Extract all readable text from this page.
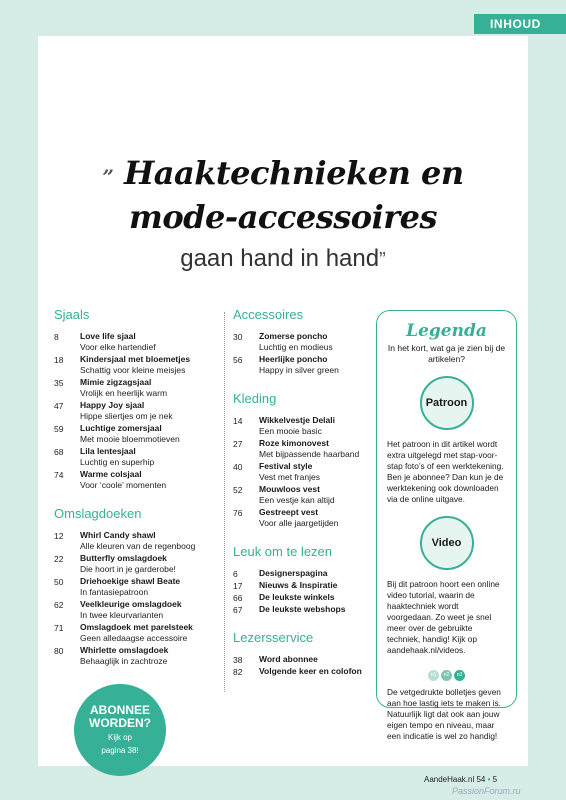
INHOUD
” Haaktechnieken en
mode-accessoires
gaan hand in hand”
Sjaals
8	Love life sjaal
Voor elke hartendief
18	Kindersjaal met bloemetjes
Schattig voor kleine meisjes
35	Mimie zigzagsjaal
Vrolijk en heerlijk warm
47	Happy Joy sjaal
Hippe sliertjes om je nek
59	Luchtige zomersjaal
Met mooie bloemmotieven
68	Lila lentesjaal
Luchtig en superhip
74	Warme colsjaal
Voor ‘coole’ momenten
Omslagdoeken
12	Whirl Candy shawl
Alle kleuren van de regenboog
22	Butterfly omslagdoek
Die hoort in je garderobe!
50	Driehoekige shawl Beate
In fantasiepatroon
62	Veelkleurige omslagdoek
In twee kleurvarianten
71	Omslagdoek met parelsteek
Geen alledaagse accessoire
80	Whirlette omslagdoek
Behaaglijk in zachtroze
Accessoires
30	Zomerse poncho
Luchtig en modieus
56	Heerlijke poncho
Happy in silver green
Kleding
14	Wikkelvestje Delali
Een mooie basic
27	Roze kimonovest
Met bijpassende haarband
40	Festival style
Vest met franjes
52	Mouwloos vest
Een vestje kan altijd
76	Gestreept vest
Voor alle jaargetijden
Leuk om te lezen
6	Designerspagina
17	Nieuws & Inspiratie
66	De leukste winkels
67	De leukste webshops
Lezersservice
38	Word abonnee
82	Volgende keer en colofon
Legenda
In het kort, wat ga je zien bij de artikelen?
Patroon
Het patroon in dit artikel wordt extra uitgelegd met stap-voor-stap foto’s of een werktekening. Ben je abonnee? Dan kun je de werktekening ook downloaden via de online uitgave.
Video
Bij dit patroon hoort een online video tutorial, waarin de haaktechniek wordt voorgedaan. Zo weet je snel meer over de gebruikte techniek, handig! Kijk op aandehaak.nl/videos.
n1	n2	n3
De vetgedrukte bolletjes geven aan hoe lastig iets te maken is. Natuurlijk ligt dat ook aan jouw eigen tempo en niveau, maar een indicatie is wel zo handig!
ABONNEE
WORDEN?
Kijk op
pagina 38!
AandeHaak.nl 54 • 5
PassionForum.ru
